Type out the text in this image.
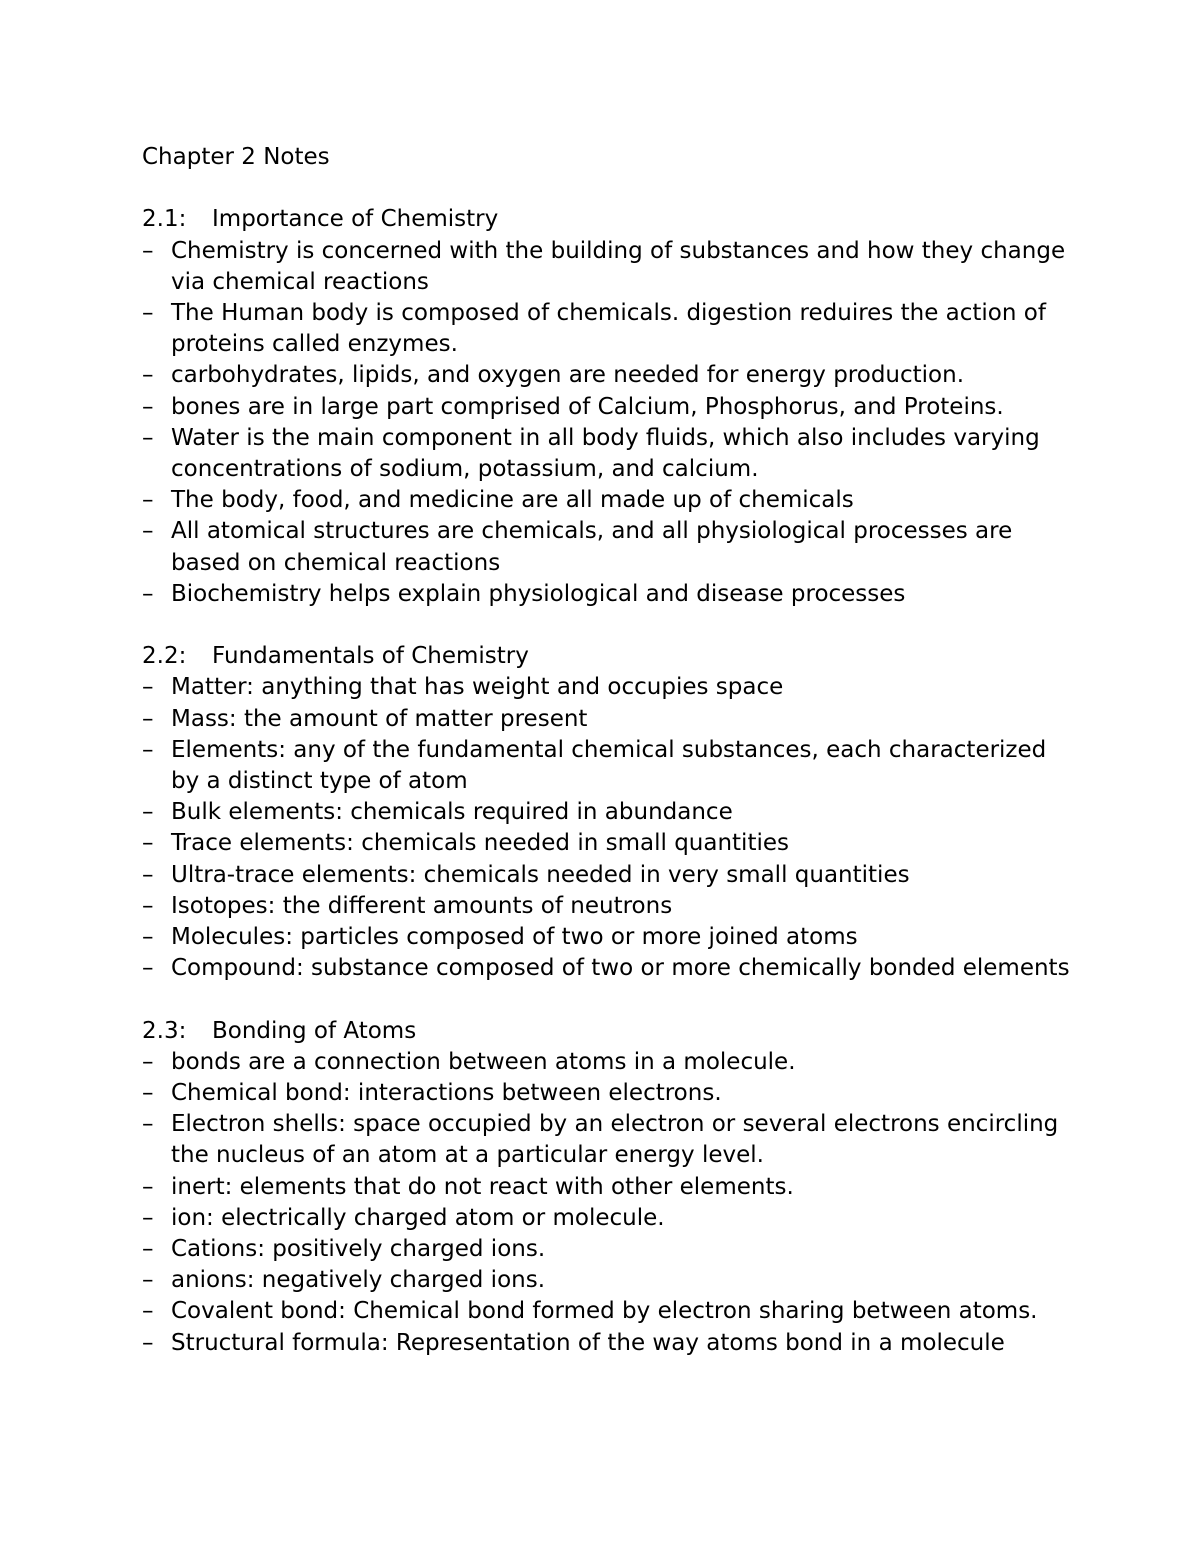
Chapter 2 Notes
2.1:	Importance of Chemistry
– Chemistry is concerned with the building of substances and how they change via chemical reactions
– The Human body is composed of chemicals. digestion reduires the action of proteins called enzymes.
– carbohydrates, lipids, and oxygen are needed for energy production.
– bones are in large part comprised of Calcium, Phosphorus, and Proteins.
– Water is the main component in all body fluids, which also includes varying concentrations of sodium, potassium, and calcium.
– The body, food, and medicine are all made up of chemicals
– All atomical structures are chemicals, and all physiological processes are based on chemical reactions
– Biochemistry helps explain physiological and disease processes
2.2:	Fundamentals of Chemistry
– Matter: anything that has weight and occupies space
– Mass: the amount of matter present
– Elements: any of the fundamental chemical substances, each characterized by a distinct type of atom
– Bulk elements: chemicals required in abundance
– Trace elements: chemicals needed in small quantities
– Ultra-trace elements: chemicals needed in very small quantities
– Isotopes: the different amounts of neutrons
– Molecules: particles composed of two or more joined atoms
– Compound: substance composed of two or more chemically bonded elements
2.3:	Bonding of Atoms
– bonds are a connection between atoms in a molecule.
– Chemical bond: interactions between electrons.
– Electron shells: space occupied by an electron or several electrons encircling the nucleus of an atom at a particular energy level.
– inert: elements that do not react with other elements.
– ion: electrically charged atom or molecule.
– Cations: positively charged ions.
– anions: negatively charged ions.
– Covalent bond: Chemical bond formed by electron sharing between atoms.
– Structural formula: Representation of the way atoms bond in a molecule
